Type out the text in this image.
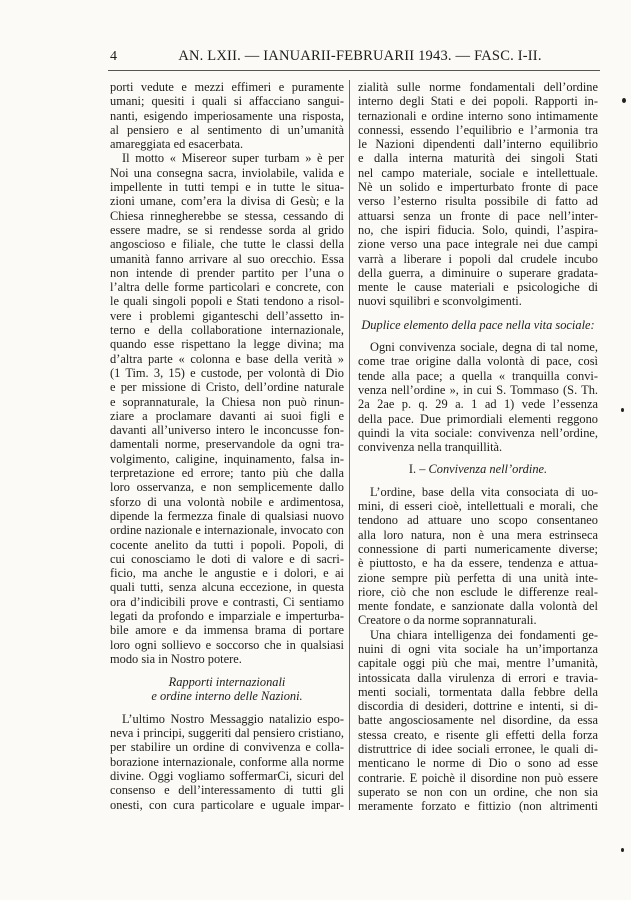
4	AN. LXII. — IANUARII-FEBRUARII 1943. — FASC. I-II.
porti vedute e mezzi effimeri e puramente
umani; quesiti i quali si affacciano sangui-
nanti, esigendo imperiosamente una risposta,
al pensiero e al sentimento di un’umanità
amareggiata ed esacerbata.
Il motto « Misereor super turbam » è per
Noi una consegna sacra, inviolabile, valida e
impellente in tutti tempi e in tutte le situa-
zioni umane, com’era la divisa di Gesù; e la
Chiesa rinnegherebbe se stessa, cessando di
essere madre, se si rendesse sorda al grido
angoscioso e filiale, che tutte le classi della
umanità fanno arrivare al suo orecchio. Essa
non intende di prender partito per l’una o
l’altra delle forme particolari e concrete, con
le quali singoli popoli e Stati tendono a risol-
vere i problemi giganteschi dell’assetto in-
terno e della collaboratione internazionale,
quando esse rispettano la legge divina; ma
d’altra parte « colonna e base della verità »
(1 Tim. 3, 15) e custode, per volontà di Dio
e per missione di Cristo, dell’ordine naturale
e soprannaturale, la Chiesa non può rinun-
ziare a proclamare davanti ai suoi figli e
davanti all’universo intero le inconcusse fon-
damentali norme, preservandole da ogni tra-
volgimento, caligine, inquinamento, falsa in-
terpretazione ed errore; tanto più che dalla
loro osservanza, e non semplicemente dallo
sforzo di una volontà nobile e ardimentosa,
dipende la fermezza finale di qualsiasi nuovo
ordine nazionale e internazionale, invocato con
cocente anelito da tutti i popoli. Popoli, di
cui conosciamo le doti di valore e di sacri-
ficio, ma anche le angustie e i dolori, e ai
quali tutti, senza alcuna eccezione, in questa
ora d’indicibili prove e contrasti, Ci sentiamo
legati da profondo e imparziale e imperturba-
bile amore e da immensa brama di portare
loro ogni sollievo e soccorso che in qualsiasi
modo sia in Nostro potere.
Rapporti internazionali
e ordine interno delle Nazioni.
L’ultimo Nostro Messaggio natalizio espo-
neva i principi, suggeriti dal pensiero cristiano,
per stabilire un ordine di convivenza e colla-
borazione internazionale, conforme alla norme
divine. Oggi vogliamo soffermarCi, sicuri del
consenso e dell’interessamento di tutti gli
onesti, con cura particolare e uguale impar-
zialità sulle norme fondamentali dell’ordine
interno degli Stati e dei popoli. Rapporti in-
ternazionali e ordine interno sono intimamente
connessi, essendo l’equilibrio e l’armonia tra
le Nazioni dipendenti dall’interno equilibrio
e dalla interna maturità dei singoli Stati
nel campo materiale, sociale e intellettuale.
Nè un solido e imperturbato fronte di pace
verso l’esterno risulta possibile di fatto ad
attuarsi senza un fronte di pace nell’inter-
no, che ispiri fiducia. Solo, quindi, l’aspira-
zione verso una pace integrale nei due campi
varrà a liberare i popoli dal crudele incubo
della guerra, a diminuire o superare gradata-
mente le cause materiali e psicologiche di
nuovi squilibri e sconvolgimenti.
Duplice elemento della pace nella vita sociale:
Ogni convivenza sociale, degna di tal nome,
come trae origine dalla volontà di pace, così
tende alla pace; a quella « tranquilla convi-
venza nell’ordine », in cui S. Tommaso (S. Th.
2a 2ae p. q. 29 a. 1 ad 1) vede l’essenza
della pace. Due primordiali elementi reggono
quindi la vita sociale: convivenza nell’ordine,
convivenza nella tranquillità.
I. – Convivenza nell’ordine.
L’ordine, base della vita consociata di uo-
mini, di esseri cioè, intellettuali e morali, che
tendono ad attuare uno scopo consentaneo
alla loro natura, non è una mera estrinseca
connessione di parti numericamente diverse;
è piuttosto, e ha da essere, tendenza e attua-
zione sempre più perfetta di una unità inte-
riore, ciò che non esclude le differenze real-
mente fondate, e sanzionate dalla volontà del
Creatore o da norme soprannaturali.
Una chiara intelligenza dei fondamenti ge-
nuini di ogni vita sociale ha un’importanza
capitale oggi più che mai, mentre l’umanità,
intossicata dalla virulenza di errori e travia-
menti sociali, tormentata dalla febbre della
discordia di desideri, dottrine e intenti, si di-
batte angosciosamente nel disordine, da essa
stessa creato, e risente gli effetti della forza
distruttrice di idee sociali erronee, le quali di-
menticano le norme di Dio o sono ad esse
contrarie. E poichè il disordine non può essere
superato se non con un ordine, che non sia
meramente forzato e fittizio (non altrimenti
